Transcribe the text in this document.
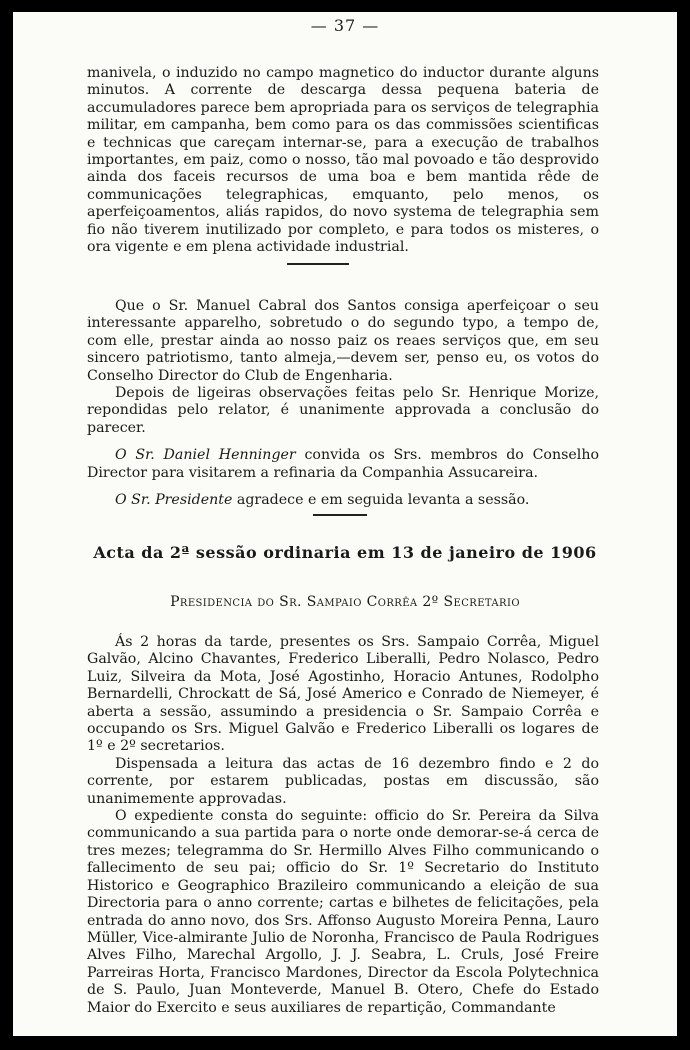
— 37 —

manivela, o induzido no campo magnetico do inductor durante alguns minutos. A corrente de descarga dessa pequena bateria de accumuladores parece bem apropriada para os serviços de telegraphia militar, em campanha, bem como para os das commissões scientificas e technicas que careçam internar-se, para a execução de trabalhos importantes, em paiz, como o nosso, tão mal povoado e tão desprovido ainda dos faceis recursos de uma boa e bem mantida rêde de communicações telegraphicas, emquanto, pelo menos, os aperfeiçoamentos, aliás rapidos, do novo systema de telegraphia sem fio não tiverem inutilizado por completo, e para todos os misteres, o ora vigente e em plena actividade industrial.

Que o Sr. Manuel Cabral dos Santos consiga aperfeiçoar o seu interessante apparelho, sobretudo o do segundo typo, a tempo de, com elle, prestar ainda ao nosso paiz os reaes serviços que, em seu sincero patriotismo, tanto almeja,—devem ser, penso eu, os votos do Conselho Director do Club de Engenharia.

Depois de ligeiras observações feitas pelo Sr. Henrique Morize, repondidas pelo relator, é unanimente approvada a conclusão do parecer.

O Sr. Daniel Henninger convida os Srs. membros do Conselho Director para visitarem a refinaria da Companhia Assucareira.

O Sr. Presidente agradece e em seguida levanta a sessão.

Acta da 2ª sessão ordinaria em 13 de janeiro de 1906
Presidencia do Sr. Sampaio Corrêa 2º Secretario

Ás 2 horas da tarde, presentes os Srs. Sampaio Corrêa, Miguel Galvão, Alcino Chavantes, Frederico Liberalli, Pedro Nolasco, Pedro Luiz, Silveira da Mota, José Agostinho, Horacio Antunes, Rodolpho Bernardelli, Chrockatt de Sá, José Americo e Conrado de Niemeyer, é aberta a sessão, assumindo a presidencia o Sr. Sampaio Corrêa e occupando os Srs. Miguel Galvão e Frederico Liberalli os logares de 1º e 2º secretarios.

Dispensada a leitura das actas de 16 dezembro findo e 2 do corrente, por estarem publicadas, postas em discussão, são unanimemente approvadas.

O expediente consta do seguinte: officio do Sr. Pereira da Silva communicando a sua partida para o norte onde demorar-se-á cerca de tres mezes; telegramma do Sr. Hermillo Alves Filho communicando o fallecimento de seu pai; officio do Sr. 1º Secretario do Instituto Historico e Geographico Brazileiro communicando a eleição de sua Directoria para o anno corrente; cartas e bilhetes de felicitações, pela entrada do anno novo, dos Srs. Affonso Augusto Moreira Penna, Lauro Müller, Vice-almirante Julio de Noronha, Francisco de Paula Rodrigues Alves Filho, Marechal Argollo, J. J. Seabra, L. Cruls, José Freire Parreiras Horta, Francisco Mardones, Director da Escola Polytechnica de S. Paulo, Juan Monteverde, Manuel B. Otero, Chefe do Estado Maior do Exercito e seus auxiliares de repartição, Commandante
